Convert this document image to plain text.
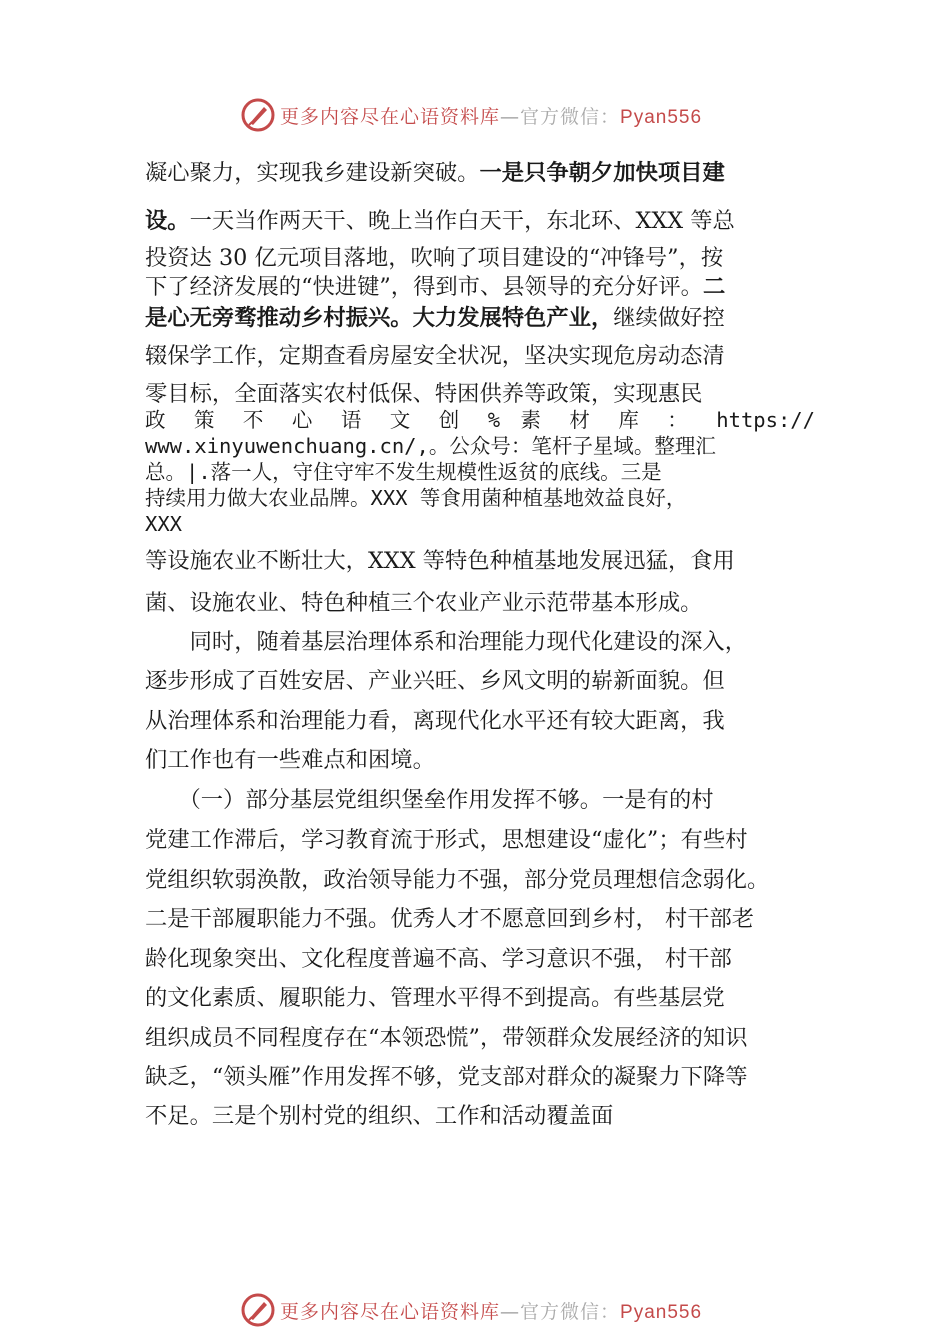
更多内容尽在心语资料库—官方微信：Pyan556
凝心聚力，实现我乡建设新突破。一是只争朝夕加快项目建
设。一天当作两天干、晚上当作白天干，东北环、XXX 等总
投资达 30 亿元项目落地，吹响了项目建设的“冲锋号”，按
下了经济发展的“快进键”，得到市、县领导的充分好评。二
是心无旁骛推动乡村振兴。大力发展特色产业，继续做好控
辍保学工作，定期查看房屋安全状况，坚决实现危房动态清
零目标，全面落实农村低保、特困供养等政策，实现惠民
政 策 不 心 语 文 创 % 素 材 库 ： https://
www.xinyuwenchuang.cn/,。公众号：笔杆子星域。整理汇
总。|.落一人，守住守牢不发生规模性返贫的底线。三是
持续用力做大农业品牌。XXX 等食用菌种植基地效益良好，
XXX
等设施农业不断壮大，XXX 等特色种植基地发展迅猛，食用
菌、设施农业、特色种植三个农业产业示范带基本形成。
　　同时，随着基层治理体系和治理能力现代化建设的深入，
逐步形成了百姓安居、产业兴旺、乡风文明的崭新面貌。但
从治理体系和治理能力看，离现代化水平还有较大距离，我
们工作也有一些难点和困境。
　　（一）部分基层党组织堡垒作用发挥不够。一是有的村
党建工作滞后，学习教育流于形式，思想建设“虚化”；有些村
党组织软弱涣散，政治领导能力不强，部分党员理想信念弱化。
二是干部履职能力不强。优秀人才不愿意回到乡村， 村干部老
龄化现象突出、文化程度普遍不高、学习意识不强， 村干部
的文化素质、履职能力、管理水平得不到提高。有些基层党
组织成员不同程度存在“本领恐慌”，带领群众发展经济的知识
缺乏，“领头雁”作用发挥不够，党支部对群众的凝聚力下降等
不足。三是个别村党的组织、工作和活动覆盖面
更多内容尽在心语资料库—官方微信：Pyan556
